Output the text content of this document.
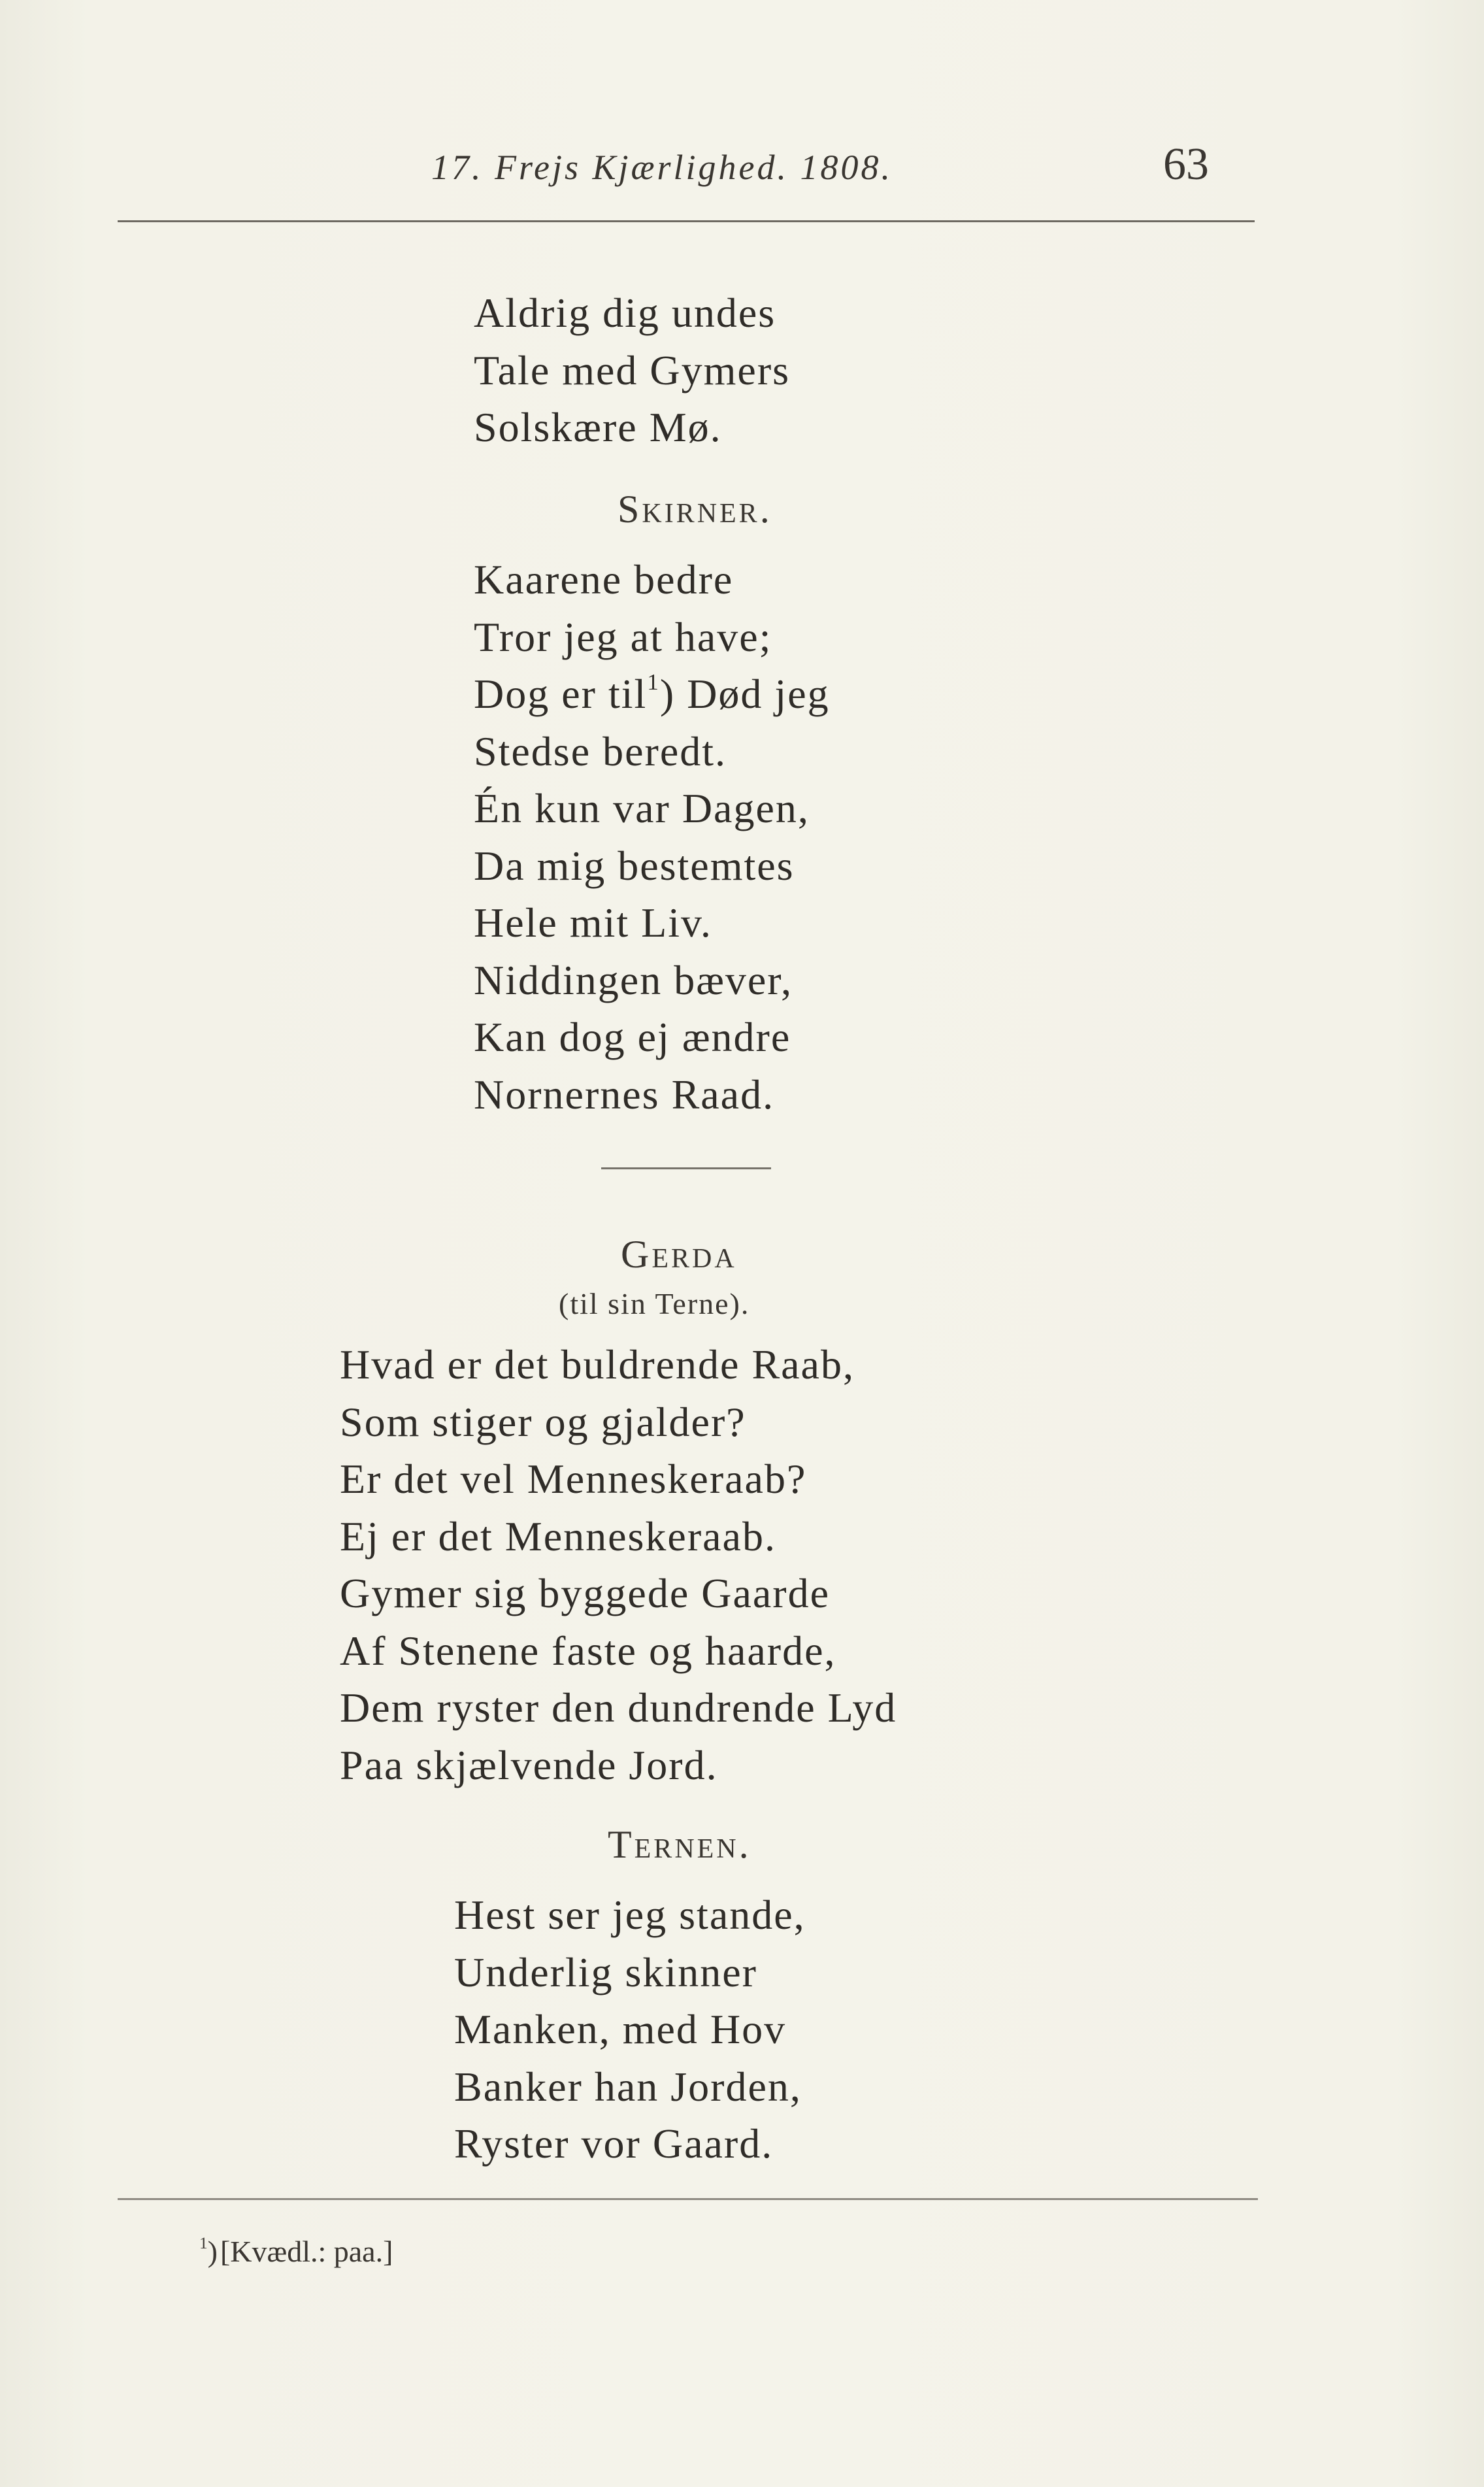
17. Frejs Kjærlighed. 1808.	63
Aldrig dig undes
Tale med Gymers
Solskære Mø.
Skirner.
Kaarene bedre
Tror jeg at have;
Dog er til$^1$) Død jeg
Stedse beredt.
Én kun var Dagen,
Da mig bestemtes
Hele mit Liv.
Niddingen bæver,
Kan dog ej ændre
Nornernes Raad.
Gerda
(til sin Terne).
Hvad er det buldrende Raab,
Som stiger og gjalder?
Er det vel Menneskeraab?
Ej er det Menneskeraab.
Gymer sig byggede Gaarde
Af Stenene faste og haarde,
Dem ryster den dundrende Lyd
Paa skjælvende Jord.
Ternen.
Hest ser jeg stande,
Underlig skinner
Manken, med Hov
Banker han Jorden,
Ryster vor Gaard.
$^1$)[Kvædl.: paa.]
